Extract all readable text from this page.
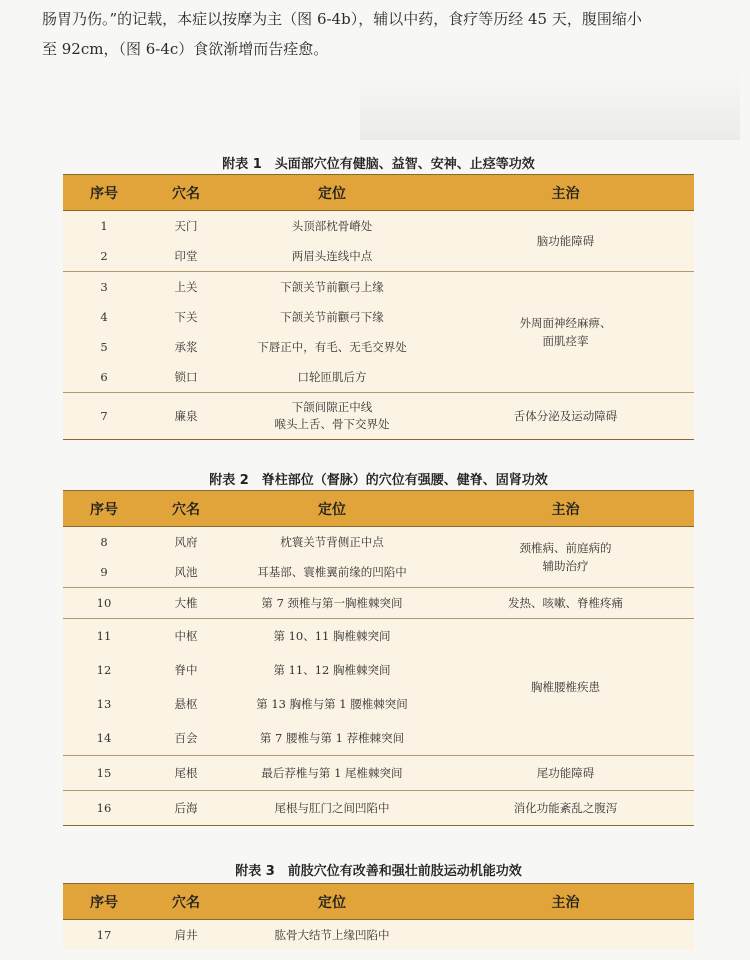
肠胃乃伤。”的记载，本症以按摩为主（图 6-4b），辅以中药，食疗等历经 45 天，腹围缩小
至 92cm，（图 6-4c）食欲渐增而告痊愈。
附表 1　头面部穴位有健脑、益智、安神、止痉等功效
序号	穴名	定位	主治
1	天门	头顶部枕骨嵴处	脑功能障碍
2	印堂	两眉头连线中点	
3	上关	下颌关节前颧弓上缘	外周面神经麻痹、
面肌痉挛

4	下关	下颌关节前颧弓下缘	
5	承浆	下唇正中，有毛、无毛交界处	
6	锁口	口轮匝肌后方	
7	廉泉	下颌间隙正中线
喉头上舌、骨下交界处	舌体分泌及运动障碍
附表 2　脊柱部位（督脉）的穴位有强腰、健脊、固肾功效
序号	穴名	定位	主治
8	风府	枕寰关节背侧正中点	颈椎病、前庭病的
辅助治疗

9	风池	耳基部、寰椎翼前缘的凹陷中	
10	大椎	第 7 颈椎与第一胸椎棘突间	发热、咳嗽、脊椎疼痛
11	中枢	第 10、11 胸椎棘突间	胸椎腰椎疾患
12	脊中	第 11、12 胸椎棘突间	
13	悬枢	第 13 胸椎与第 1 腰椎棘突间	
14	百会	第 7 腰椎与第 1 荐椎棘突间	
15	尾根	最后荐椎与第 1 尾椎棘突间	尾功能障碍
16	后海	尾根与肛门之间凹陷中	消化功能紊乱之腹泻
附表 3　前肢穴位有改善和强壮前肢运动机能功效
序号	穴名	定位	主治
17	肩井	肱骨大结节上缘凹陷中	
